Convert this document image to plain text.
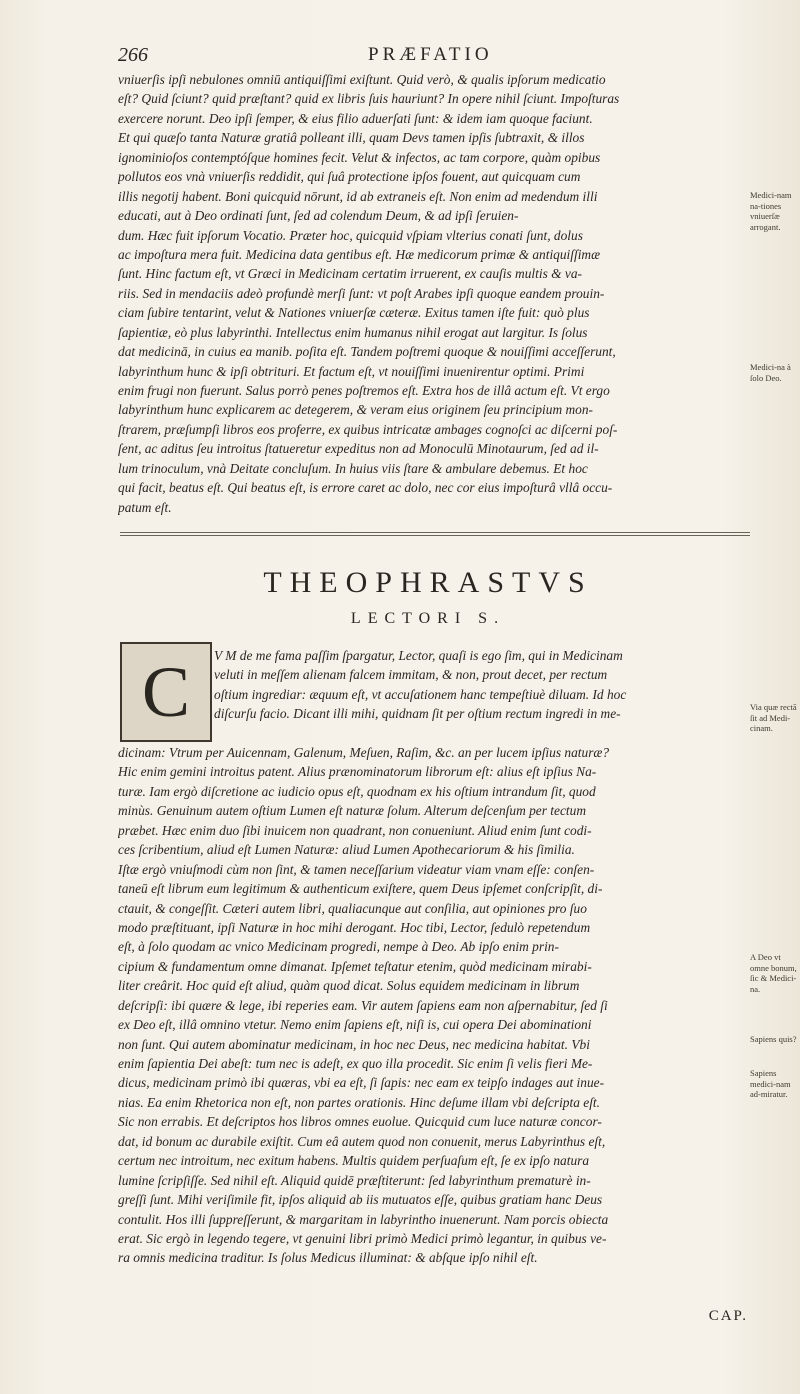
266	PRÆFATIO
vniuerſis ipſi nebulones omniū antiquiſſimi exiſtunt. Quid verò, & qualis ipſorum medicatio
eſt? Quid ſciunt? quid præſtant? quid ex libris ſuis hauriunt? In opere nihil ſciunt. Impoſturas
exercere norunt. Deo ipſi ſemper, & eius filio aduerſati ſunt: & idem iam quoque faciunt.
Et qui quæſo tanta Naturæ gratiâ polleant illi, quam Devs tamen ipſis ſubtraxit, & illos
ignominioſos contemptóſque homines fecit. Velut & infectos, ac tam corpore, quàm opibus
pollutos eos vnà vniuerſis reddidit, qui ſuâ protectione ipſos fouent, aut quicquam cum
illis negotij habent. Boni quicquid nōrunt, id ab extraneis eſt. Non enim ad medendum illi
educati, aut à Deo ordinati ſunt, ſed ad colendum Deum, & ad ipſi ſeruien-
dum. Hæc fuit ipſorum Vocatio. Præter hoc, quicquid vſpiam vlterius conati ſunt, dolus
ac impoſtura mera fuit. Medicina data gentibus eſt. Hæ medicorum primæ & antiquiſſimæ
ſunt. Hinc factum eſt, vt Græci in Medicinam certatim irruerent, ex cauſis multis & va-
riis. Sed in mendaciis adeò profundè merſi ſunt: vt poſt Arabes ipſi quoque eandem prouin-
ciam ſubire tentarint, velut & Nationes vniuerſæ cæteræ. Exitus tamen iſte fuit: quò plus
ſapientiæ, eò plus labyrinthi. Intellectus enim humanus nihil erogat aut largitur. Is ſolus
dat medicinā, in cuius ea manib. poſita eſt. Tandem poſtremi quoque & nouiſſimi acceſſerunt,
labyrinthum hunc & ipſi obtrituri. Et factum eſt, vt nouiſſimi inuenirentur optimi. Primi
enim frugi non fuerunt. Salus porrò penes poſtremos eſt. Extra hos de illâ actum eſt. Vt ergo
labyrinthum hunc explicarem ac detegerem, & veram eius originem ſeu principium mon-
ſtrarem, præſumpſi libros eos proferre, ex quibus intricatæ ambages cognoſci ac diſcerni poſ-
ſent, ac aditus ſeu introitus ſtatueretur expeditus non ad Monoculū Minotaurum, ſed ad il-
lum trinoculum, vnà Deitate concluſum. In huius viis ſtare & ambulare debemus. Et hoc
qui facit, beatus eſt. Qui beatus eſt, is errore caret ac dolo, nec cor eius impoſturâ vllâ occu-
patum eſt.
THEOPHRASTVS
LECTORI S.
C V M de me fama paſſim ſpargatur, Lector, quaſi is ego ſim, qui in Medicinam
veluti in meſſem alienam falcem immitam, & non, prout decet, per rectum
oſtium ingrediar: æquum eſt, vt accuſationem hanc tempeſtiuè diluam. Id hoc
diſcurſu facio. Dicant illi mihi, quidnam ſit per oſtium rectum ingredi in me-
dicinam: Vtrum per Auicennam, Galenum, Meſuen, Raſim, &c. an per lucem ipſius naturæ?
Hic enim gemini introitus patent. Alius prænominatorum librorum eſt: alius eſt ipſius Na-
turæ. Iam ergò diſcretione ac iudicio opus eſt, quodnam ex his oſtium intrandum ſit, quod
minùs. Genuinum autem oſtium Lumen eſt naturæ ſolum. Alterum deſcenſum per tectum
præbet. Hæc enim duo ſibi inuicem non quadrant, non conueniunt. Aliud enim ſunt codi-
ces ſcribentium, aliud eſt Lumen Naturæ: aliud Lumen Apothecariorum & his ſimilia.
Iſtæ ergò vniuſmodi cùm non ſint, & tamen neceſſarium videatur viam vnam eſſe: conſen-
taneū eſt librum eum legitimum & authenticum exiſtere, quem Deus ipſemet conſcripſit, di-
ctauit, & congeſſit. Cæteri autem libri, qualiacunque aut conſilia, aut opiniones pro ſuo
modo præſtituant, ipſi Naturæ in hoc mihi derogant. Hoc tibi, Lector, ſedulò repetendum
eſt, à ſolo quodam ac vnico Medicinam progredi, nempe à Deo. Ab ipſo enim prin-
cipium & fundamentum omne dimanat. Ipſemet teſtatur etenim, quòd medicinam mirabi-
liter creârit. Hoc quid eſt aliud, quàm quod dicat. Solus equidem medicinam in librum
deſcripſi: ibi quære & lege, ibi reperies eam. Vir autem ſapiens eam non aſpernabitur, ſed ſi
ex Deo eſt, illâ omnino vtetur. Nemo enim ſapiens eſt, niſi is, cui opera Dei abominationi
non ſunt. Qui autem abominatur medicinam, in hoc nec Deus, nec medicina habitat. Vbi
enim ſapientia Dei abeſt: tum nec is adeſt, ex quo illa procedit. Sic enim ſi velis fieri Me-
dicus, medicinam primò ibi quæras, vbi ea eſt, ſi ſapis: nec eam ex teipſo indages aut inue-
nias. Ea enim Rhetorica non eſt, non partes orationis. Hinc deſume illam vbi deſcripta eſt.
Sic non errabis. Et deſcriptos hos libros omnes euolue. Quicquid cum luce naturæ concor-
dat, id bonum ac durabile exiſtit. Cum eâ autem quod non conuenit, merus Labyrinthus eſt,
certum nec introitum, nec exitum habens. Multis quidem perſuaſum eſt, ſe ex ipſo natura
lumine ſcripſiſſe. Sed nihil eſt. Aliquid quidē præſtiterunt: ſed labyrinthum prematurè in-
greſſi ſunt. Mihi veriſimile fit, ipſos aliquid ab iis mutuatos eſſe, quibus gratiam hanc Deus
contulit. Hos illi ſuppreſſerunt, & margaritam in labyrintho inuenerunt. Nam porcis obiecta
erat. Sic ergò in legendo tegere, vt genuini libri primò Medici primò legantur, in quibus ve-
ra omnis medicina traditur. Is ſolus Medicus illuminat: & abſque ipſo nihil eſt.
Medici-nam na-tiones vniuerſæ arrogant.
Medici-na à ſolo Deo.
Via quæ rectā ſit ad Medi-cinam.
A Deo vt omne bonum, ſic & Medici-na.
Sapiens quis?
Sapiens medici-nam ad-miratur.
CAP.
